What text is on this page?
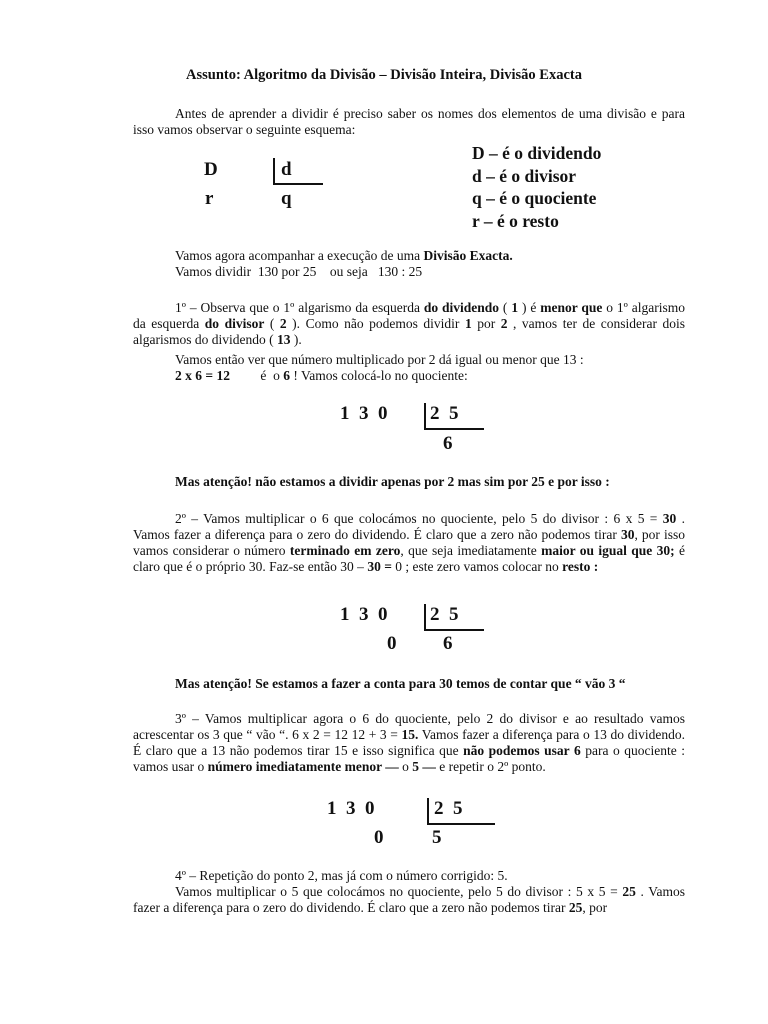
Assunto: Algoritmo da Divisão – Divisão Inteira, Divisão Exacta
Antes de aprender a dividir é preciso saber os nomes dos elementos de uma divisão e para isso vamos observar o seguinte esquema:
D	d
r	q
D – é o dividendo
d – é o divisor
q – é o quociente
r – é o resto
Vamos agora acompanhar a execução de uma Divisão Exacta.
Vamos dividir  130 por 25    ou seja   130 : 25
1º – Observa que o 1º algarismo da esquerda do dividendo ( 1 ) é menor que o 1º algarismo da esquerda do divisor ( 2 ). Como não podemos dividir 1 por 2 , vamos ter de considerar dois algarismos do dividendo ( 13 ).
Vamos então ver que número multiplicado por 2 dá igual ou menor que 13 :
2 x 6 = 12         é  o 6 ! Vamos colocá-lo no quociente:
1  3  0 2  5
6
Mas atenção! não estamos a dividir apenas por 2 mas sim por 25 e por isso :
2º – Vamos multiplicar o 6 que colocámos no quociente, pelo 5 do divisor : 6 x 5 = 30 . Vamos fazer a diferença para o zero do dividendo. É claro que a zero não podemos tirar 30, por isso vamos considerar o número terminado em zero, que seja imediatamente maior ou igual que 30; é claro que é o próprio 30. Faz-se então 30 – 30 = 0 ; este zero vamos colocar no resto :
1  3  0
0
2  5
6
Mas atenção! Se estamos a fazer a conta para 30 temos de contar que “ vão 3 “
3º – Vamos multiplicar agora o 6 do quociente, pelo 2 do divisor e ao resultado vamos acrescentar os 3 que “ vão “. 6 x 2 = 12 12 + 3 = 15. Vamos fazer a diferença para o 13 do dividendo. É claro que a 13 não podemos tirar 15 e isso significa que não podemos usar 6 para o quociente : vamos usar o número imediatamente menor — o 5 — e repetir o 2º ponto.
1  3  0
0
2  5
5
4º – Repetição do ponto 2, mas já com o número corrigido: 5.
Vamos multiplicar o 5 que colocámos no quociente, pelo 5 do divisor : 5 x 5 = 25 . Vamos fazer a diferença para o zero do dividendo. É claro que a zero não podemos tirar 25, por
